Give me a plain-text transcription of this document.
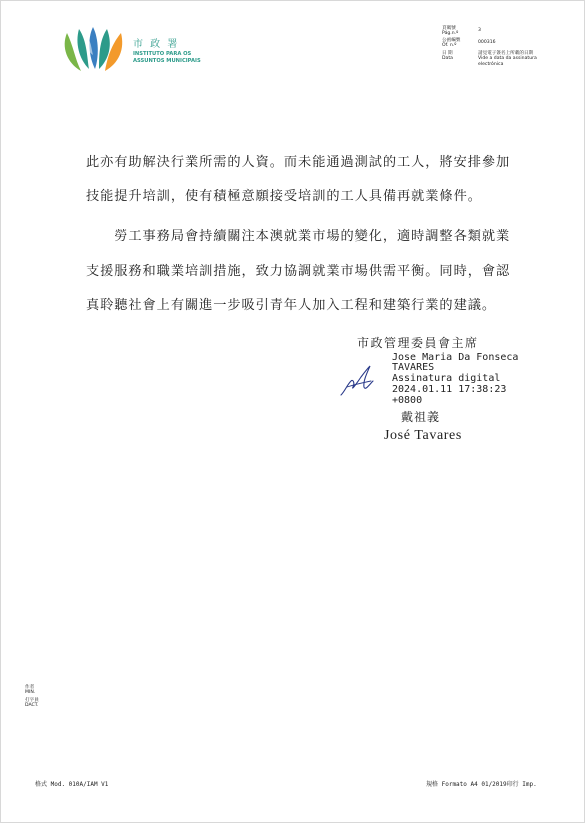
市 政 署
INSTITUTO PARA OS
ASSUNTOS MUNICIPAIS
頁碼號
Pág.n.º
3
公函編號
Of. n.º
000316
日 期
Data
請見電子簽名上所載的日期
Vide a data da assinatura
electrónica
此亦有助解決行業所需的人資。而未能通過測試的工人，將安排參加
技能提升培訓，使有積極意願接受培訓的工人具備再就業條件。
　　勞工事務局會持續關注本澳就業市場的變化，適時調整各類就業
支援服務和職業培訓措施，致力協調就業市場供需平衡。同時，會認
真聆聽社會上有關進一步吸引青年人加入工程和建築行業的建議。
市政管理委員會主席
Jose Maria Da Fonseca
TAVARES
Assinatura digital
2024.01.11 17:38:23
+0800
戴祖義
José Tavares
作者
MIN.
打字員
DACT.
格式 Mod. 010A/IAM V1	規格 Formato A4 01/2019印行 Imp.
